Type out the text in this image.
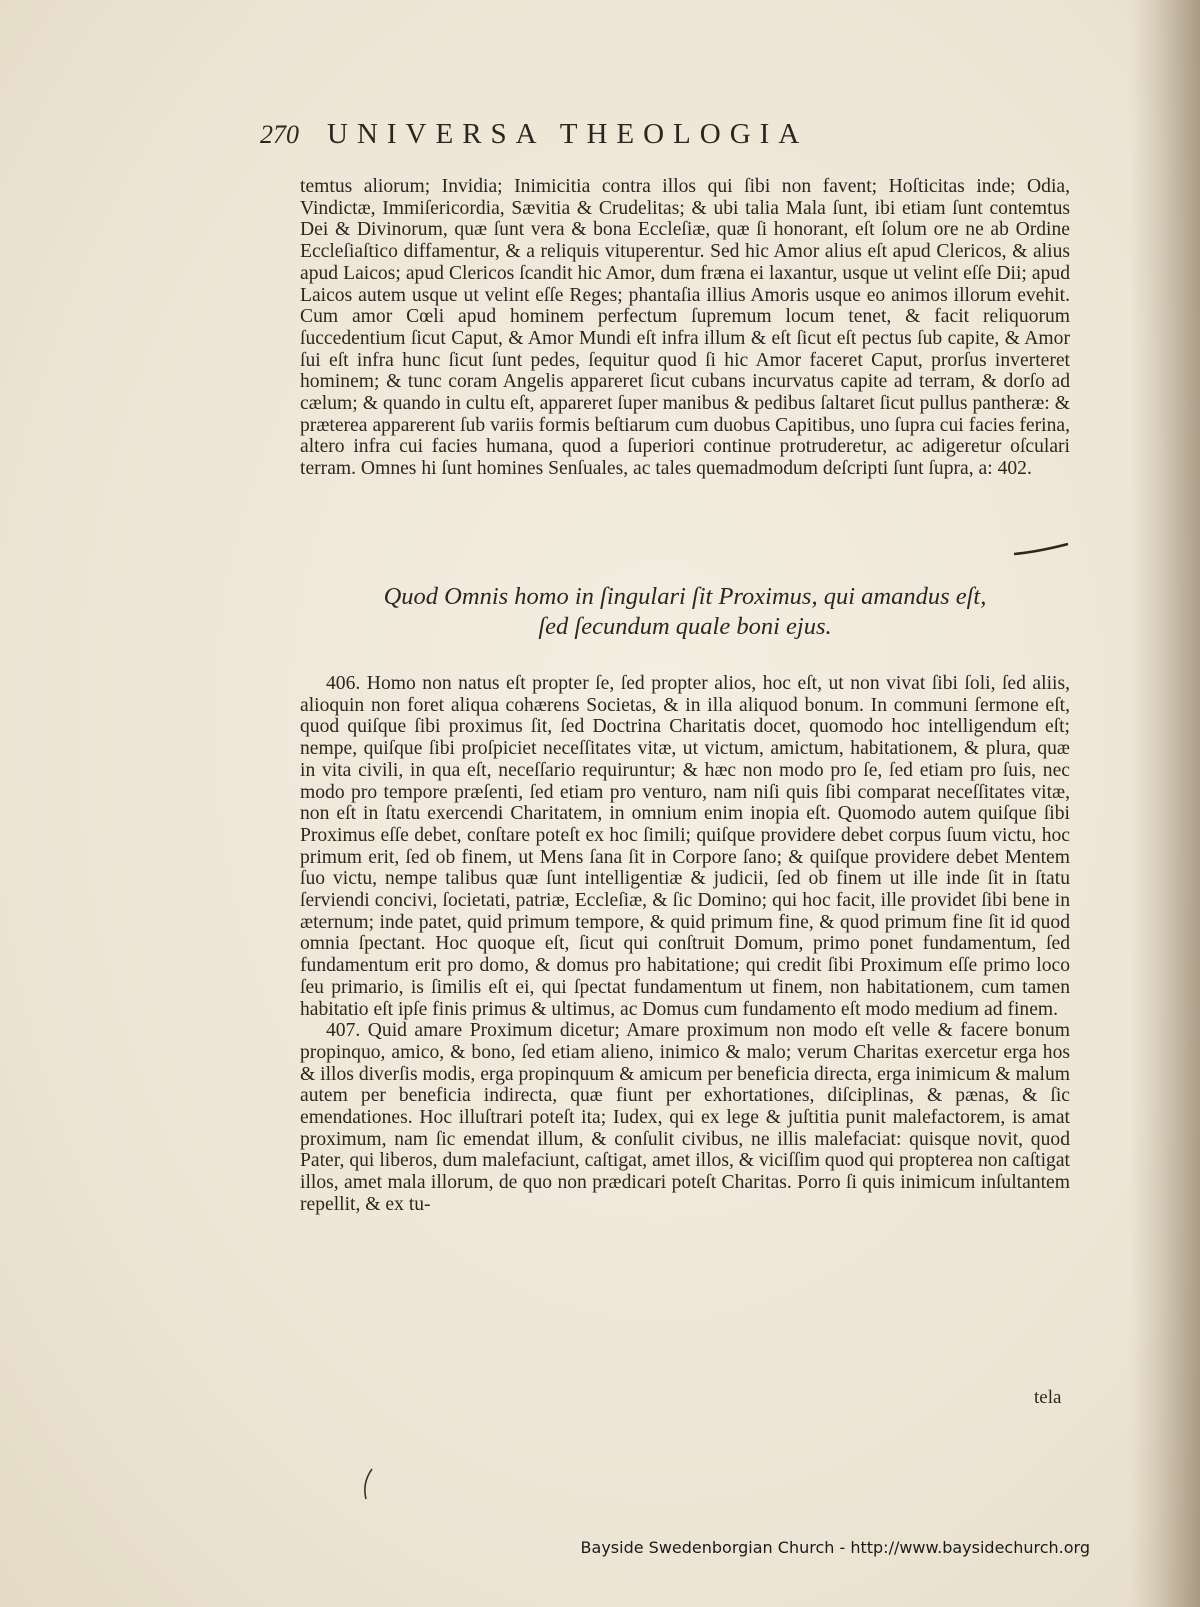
270 UNIVERSA THEOLOGIA

temtus aliorum; Invidia; Inimicitia contra illos qui ſibi non favent; Hoſticitas inde; Odia, Vindictæ, Immiſericordia, Sævitia & Crudelitas; & ubi talia Mala ſunt, ibi etiam ſunt contemtus Dei & Divinorum, quæ ſunt vera & bona Eccleſiæ, quæ ſi honorant, eſt ſolum ore ne ab Ordine Eccleſiaſtico diffamentur, & a reliquis vituperentur. Sed hic Amor alius eſt apud Clericos, & alius apud Laicos; apud Clericos ſcandit hic Amor, dum fræna ei laxantur, usque ut velint eſſe Dii; apud Laicos autem usque ut velint eſſe Reges; phantaſia illius Amoris usque eo animos illorum evehit. Cum amor Cœli apud hominem perfectum ſupremum locum tenet, & facit reliquorum ſuccedentium ſicut Caput, & Amor Mundi eſt infra illum & eſt ſicut eſt pectus ſub capite, & Amor ſui eſt infra hunc ſicut ſunt pedes, ſequitur quod ſi hic Amor faceret Caput, prorſus inverteret hominem; & tunc coram Angelis appareret ſicut cubans incurvatus capite ad terram, & dorſo ad cælum; & quando in cultu eſt, appareret ſuper manibus & pedibus ſaltaret ſicut pullus pantheræ: & præterea apparerent ſub variis formis beſtiarum cum duobus Capitibus, uno ſupra cui facies ferina, altero infra cui facies humana, quod a ſuperiori continue protruderetur, ac adigeretur oſculari terram. Omnes hi ſunt homines Senſuales, ac tales quemadmodum deſcripti ſunt ſupra, a: 402.

Quod Omnis homo in ſingulari ſit Proximus, qui amandus eſt,
ſed ſecundum quale boni ejus.

406. Homo non natus eſt propter ſe, ſed propter alios, hoc eſt, ut non vivat ſibi ſoli, ſed aliis, alioquin non foret aliqua cohærens Societas, & in illa aliquod bonum. In communi ſermone eſt, quod quiſque ſibi proximus ſit, ſed Doctrina Charitatis docet, quomodo hoc intelligendum eſt; nempe, quiſque ſibi proſpiciet neceſſitates vitæ, ut victum, amictum, habitationem, & plura, quæ in vita civili, in qua eſt, neceſſario requiruntur; & hæc non modo pro ſe, ſed etiam pro ſuis, nec modo pro tempore præſenti, ſed etiam pro venturo, nam niſi quis ſibi comparat neceſſitates vitæ, non eſt in ſtatu exercendi Charitatem, in omnium enim inopia eſt. Quomodo autem quiſque ſibi Proximus eſſe debet, conſtare poteſt ex hoc ſimili; quiſque providere debet corpus ſuum victu, hoc primum erit, ſed ob finem, ut Mens ſana ſit in Corpore ſano; & quiſque providere debet Mentem ſuo victu, nempe talibus quæ ſunt intelligentiæ & judicii, ſed ob finem ut ille inde ſit in ſtatu ſerviendi concivi, ſocietati, patriæ, Eccleſiæ, & ſic Domino; qui hoc facit, ille providet ſibi bene in æternum; inde patet, quid primum tempore, & quid primum fine, & quod primum fine ſit id quod omnia ſpectant. Hoc quoque eſt, ſicut qui conſtruit Domum, primo ponet fundamentum, ſed fundamentum erit pro domo, & domus pro habitatione; qui credit ſibi Proximum eſſe primo loco ſeu primario, is ſimilis eſt ei, qui ſpectat fundamentum ut finem, non habitationem, cum tamen habitatio eſt ipſe finis primus & ultimus, ac Domus cum fundamento eſt modo medium ad finem.

407. Quid amare Proximum dicetur; Amare proximum non modo eſt velle & facere bonum propinquo, amico, & bono, ſed etiam alieno, inimico & malo; verum Charitas exercetur erga hos & illos diverſis modis, erga propinquum & amicum per beneficia directa, erga inimicum & malum autem per beneficia indirecta, quæ fiunt per exhortationes, diſciplinas, & pænas, & ſic emendationes. Hoc illuſtrari poteſt ita; Iudex, qui ex lege & juſtitia punit malefactorem, is amat proximum, nam ſic emendat illum, & conſulit civibus, ne illis malefaciat: quisque novit, quod Pater, qui liberos, dum malefaciunt, caſtigat, amet illos, & viciſſim quod qui propterea non caſtigat illos, amet mala illorum, de quo non prædicari poteſt Charitas. Porro ſi quis inimicum inſultantem repellit, & ex tu-

tela
Bayside Swedenborgian Church - http://www.baysidechurch.org
